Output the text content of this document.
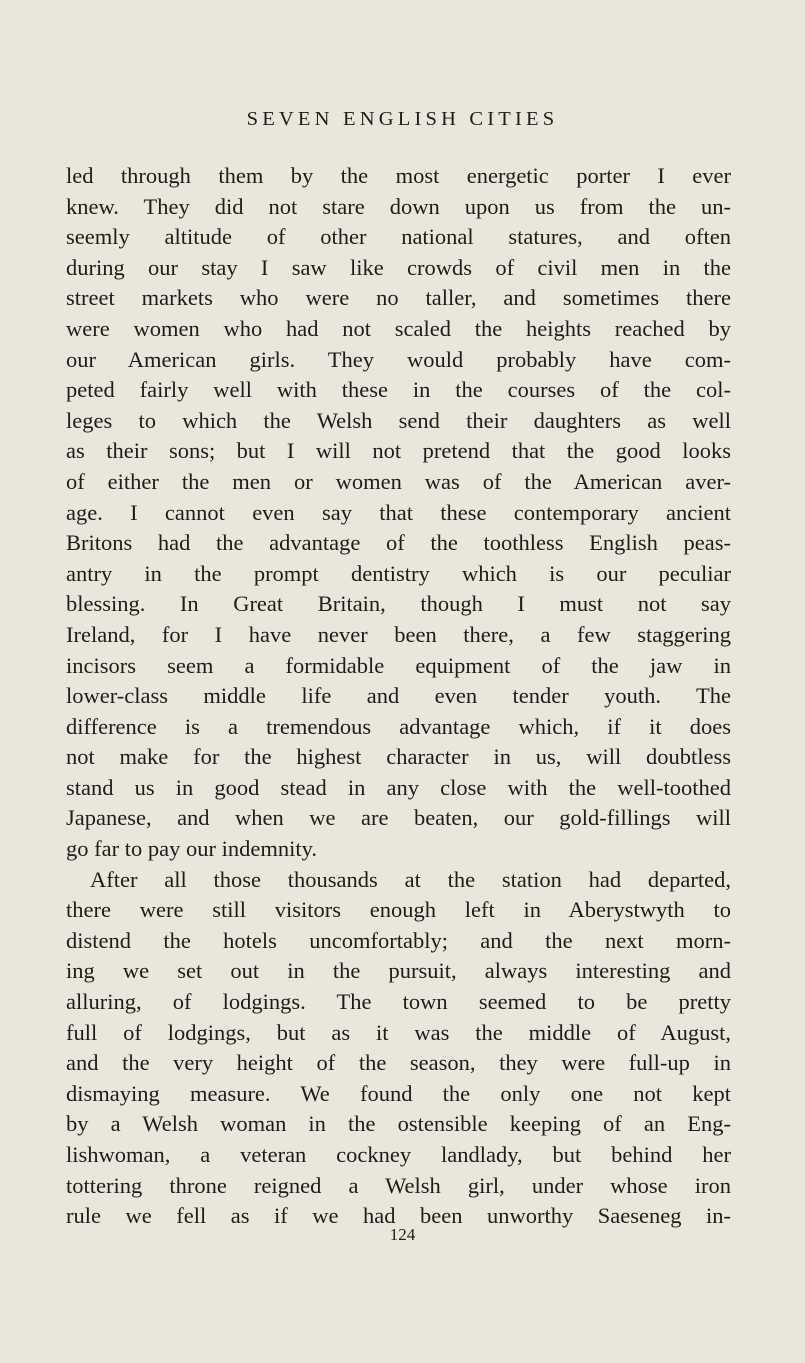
SEVEN ENGLISH CITIES
led through them by the most energetic porter I ever
knew. They did not stare down upon us from the un-
seemly altitude of other national statures, and often
during our stay I saw like crowds of civil men in the
street markets who were no taller, and sometimes there
were women who had not scaled the heights reached by
our American girls. They would probably have com-
peted fairly well with these in the courses of the col-
leges to which the Welsh send their daughters as well
as their sons; but I will not pretend that the good looks
of either the men or women was of the American aver-
age. I cannot even say that these contemporary ancient
Britons had the advantage of the toothless English peas-
antry in the prompt dentistry which is our peculiar
blessing. In Great Britain, though I must not say
Ireland, for I have never been there, a few staggering
incisors seem a formidable equipment of the jaw in
lower-class middle life and even tender youth. The
difference is a tremendous advantage which, if it does
not make for the highest character in us, will doubtless
stand us in good stead in any close with the well-toothed
Japanese, and when we are beaten, our gold-fillings will
go far to pay our indemnity.
After all those thousands at the station had departed,
there were still visitors enough left in Aberystwyth to
distend the hotels uncomfortably; and the next morn-
ing we set out in the pursuit, always interesting and
alluring, of lodgings. The town seemed to be pretty
full of lodgings, but as it was the middle of August,
and the very height of the season, they were full-up in
dismaying measure. We found the only one not kept
by a Welsh woman in the ostensible keeping of an Eng-
lishwoman, a veteran cockney landlady, but behind her
tottering throne reigned a Welsh girl, under whose iron
rule we fell as if we had been unworthy Saeseneg in-
124
